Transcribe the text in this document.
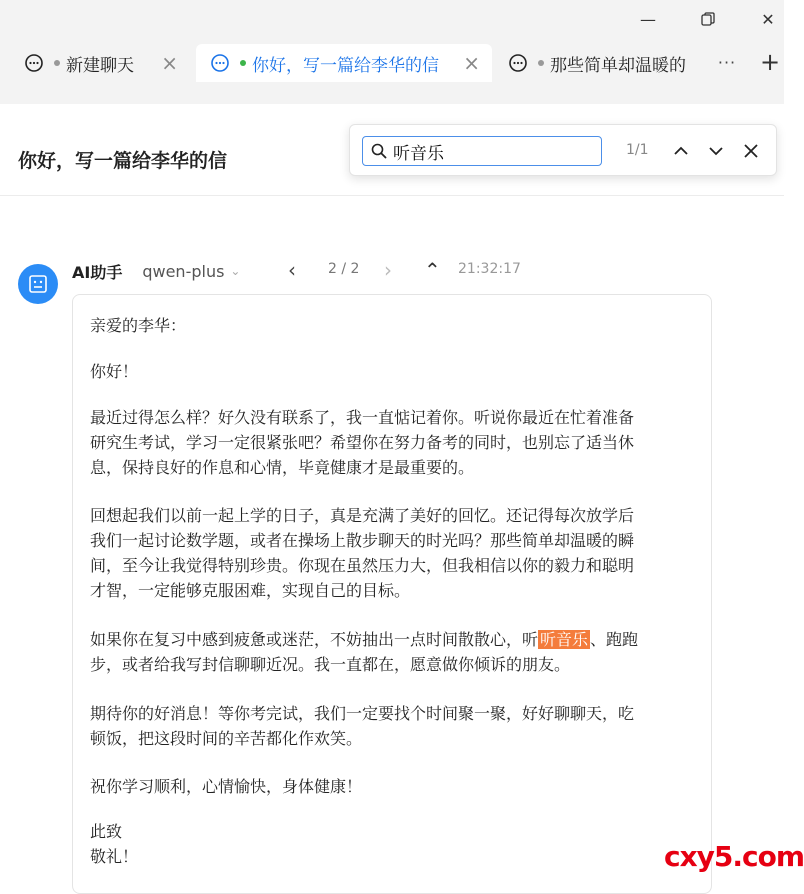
—	✕
新建聊天 ×	你好，写一篇给李华的信 ×	那些简单却温暖的 ··· +
你好，写一篇给李华的信
听音乐	1/1
AI助手 qwen-plus ⌄ ‹ 2 / 2 › ⌃ 21:32:17
亲爱的李华：
你好！
最近过得怎么样？好久没有联系了，我一直惦记着你。听说你最近在忙着准备
研究生考试，学习一定很紧张吧？希望你在努力备考的同时，也别忘了适当休
息，保持良好的作息和心情，毕竟健康才是最重要的。
回想起我们以前一起上学的日子，真是充满了美好的回忆。还记得每次放学后
我们一起讨论数学题，或者在操场上散步聊天的时光吗？那些简单却温暖的瞬
间，至今让我觉得特别珍贵。你现在虽然压力大，但我相信以你的毅力和聪明
才智，一定能够克服困难，实现自己的目标。
如果你在复习中感到疲惫或迷茫，不妨抽出一点时间散散心，听 听音乐 、跑跑
步，或者给我写封信聊聊近况。我一直都在，愿意做你倾诉的朋友。
期待你的好消息！等你考完试，我们一定要找个时间聚一聚，好好聊聊天，吃
顿饭，把这段时间的辛苦都化作欢笑。
祝你学习顺利，心情愉快，身体健康！
此致
敬礼！	cxy5.com
